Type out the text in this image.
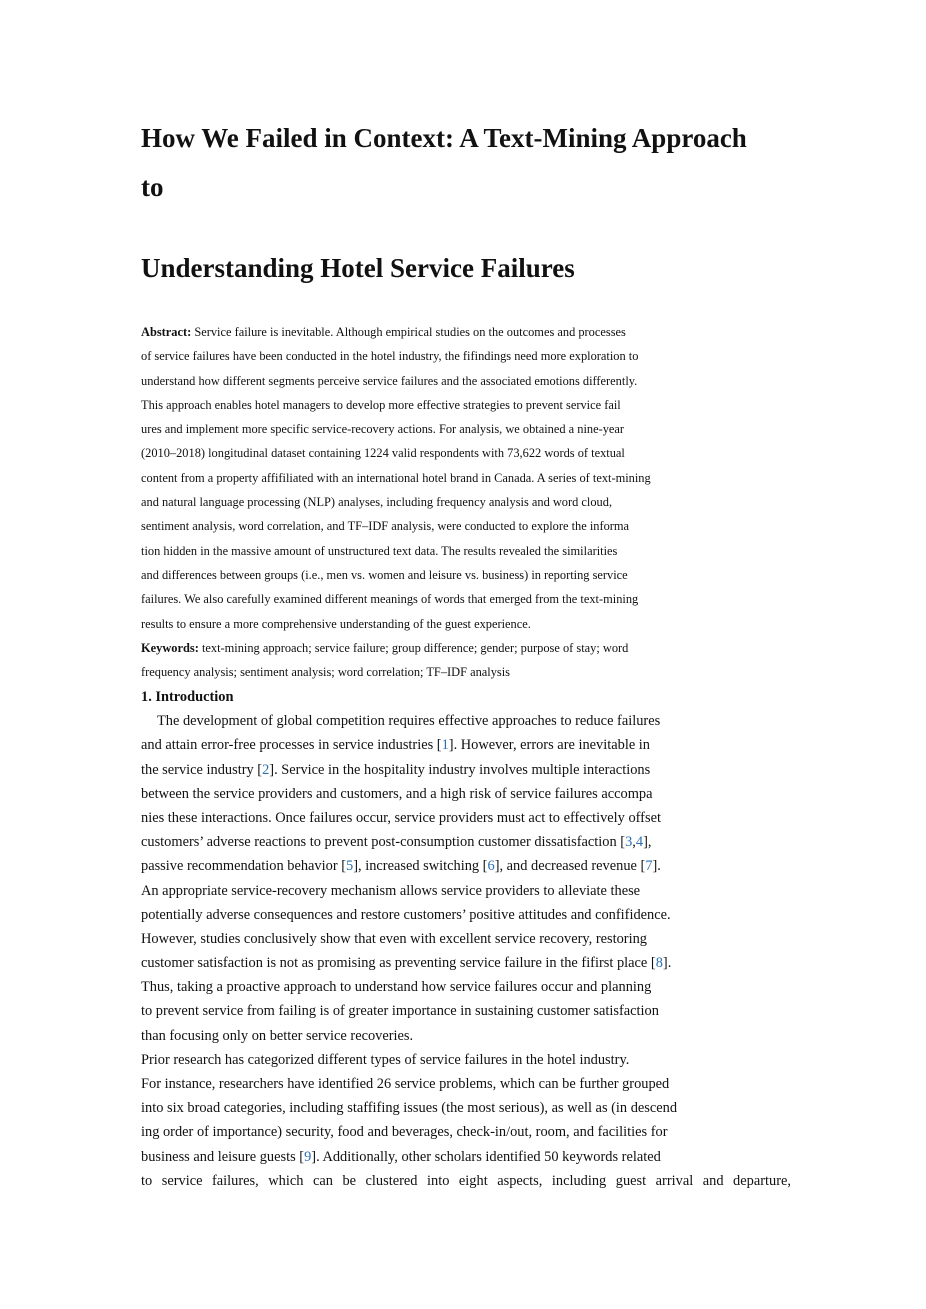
How We Failed in Context: A Text-Mining Approach
to
Understanding Hotel Service Failures
Abstract: Service failure is inevitable. Although empirical studies on the outcomes and processes
of service failures have been conducted in the hotel industry, the fifindings need more exploration to
understand how different segments perceive service failures and the associated emotions differently.
This approach enables hotel managers to develop more effective strategies to prevent service fail
ures and implement more specific service-recovery actions. For analysis, we obtained a nine-year
(2010–2018) longitudinal dataset containing 1224 valid respondents with 73,622 words of textual
content from a property affifiliated with an international hotel brand in Canada. A series of text-mining
and natural language processing (NLP) analyses, including frequency analysis and word cloud,
sentiment analysis, word correlation, and TF–IDF analysis, were conducted to explore the informa
tion hidden in the massive amount of unstructured text data. The results revealed the similarities
and differences between groups (i.e., men vs. women and leisure vs. business) in reporting service
failures. We also carefully examined different meanings of words that emerged from the text-mining
results to ensure a more comprehensive understanding of the guest experience.
Keywords: text-mining approach; service failure; group difference; gender; purpose of stay; word
frequency analysis; sentiment analysis; word correlation; TF–IDF analysis
1. Introduction
The development of global competition requires effective approaches to reduce failures
and attain error-free processes in service industries [1]. However, errors are inevitable in
the service industry [2]. Service in the hospitality industry involves multiple interactions
between the service providers and customers, and a high risk of service failures accompa
nies these interactions. Once failures occur, service providers must act to effectively offset
customers’ adverse reactions to prevent post-consumption customer dissatisfaction [3,4],
passive recommendation behavior [5], increased switching [6], and decreased revenue [7].
An appropriate service-recovery mechanism allows service providers to alleviate these
potentially adverse consequences and restore customers’ positive attitudes and confifidence.
However, studies conclusively show that even with excellent service recovery, restoring
customer satisfaction is not as promising as preventing service failure in the fifirst place [8].
Thus, taking a proactive approach to understand how service failures occur and planning
to prevent service from failing is of greater importance in sustaining customer satisfaction
than focusing only on better service recoveries.
Prior research has categorized different types of service failures in the hotel industry.
For instance, researchers have identified 26 service problems, which can be further grouped
into six broad categories, including staffifing issues (the most serious), as well as (in descend
ing order of importance) security, food and beverages, check-in/out, room, and facilities for
business and leisure guests [9]. Additionally, other scholars identified 50 keywords related
to service failures, which can be clustered into eight aspects, including guest arrival and departure,
